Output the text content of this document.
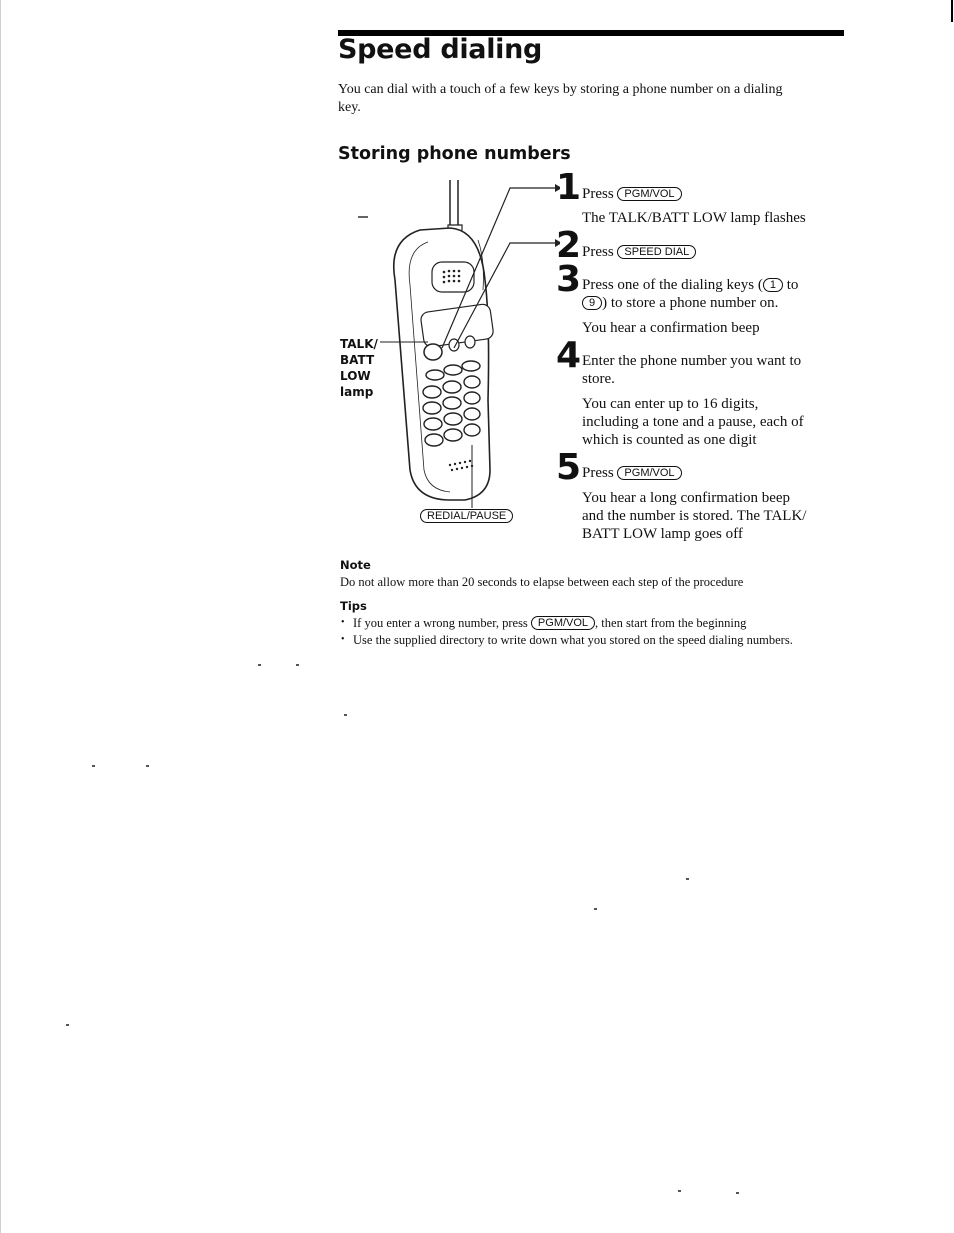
Speed dialing
You can dial with a touch of a few keys by storing a phone number on a dialing
key.
Storing phone numbers
TALK/
BATT
LOW
lamp
REDIAL/PAUSE
1 Press PGM/VOL
The TALK/BATT LOW lamp flashes
2 Press SPEED DIAL
3 Press one of the dialing keys ( 1 to
9 ) to store a phone number on.
You hear a confirmation beep
4 Enter the phone number you want to
store.
You can enter up to 16 digits,
including a tone and a pause, each of
which is counted as one digit
5 Press PGM/VOL
You hear a long confirmation beep
and the number is stored. The TALK/
BATT LOW lamp goes off
Note
Do not allow more than 20 seconds to elapse between each step of the procedure
Tips
• If you enter a wrong number, press PGM/VOL , then start from the beginning
• Use the supplied directory to write down what you stored on the speed dialing numbers.
